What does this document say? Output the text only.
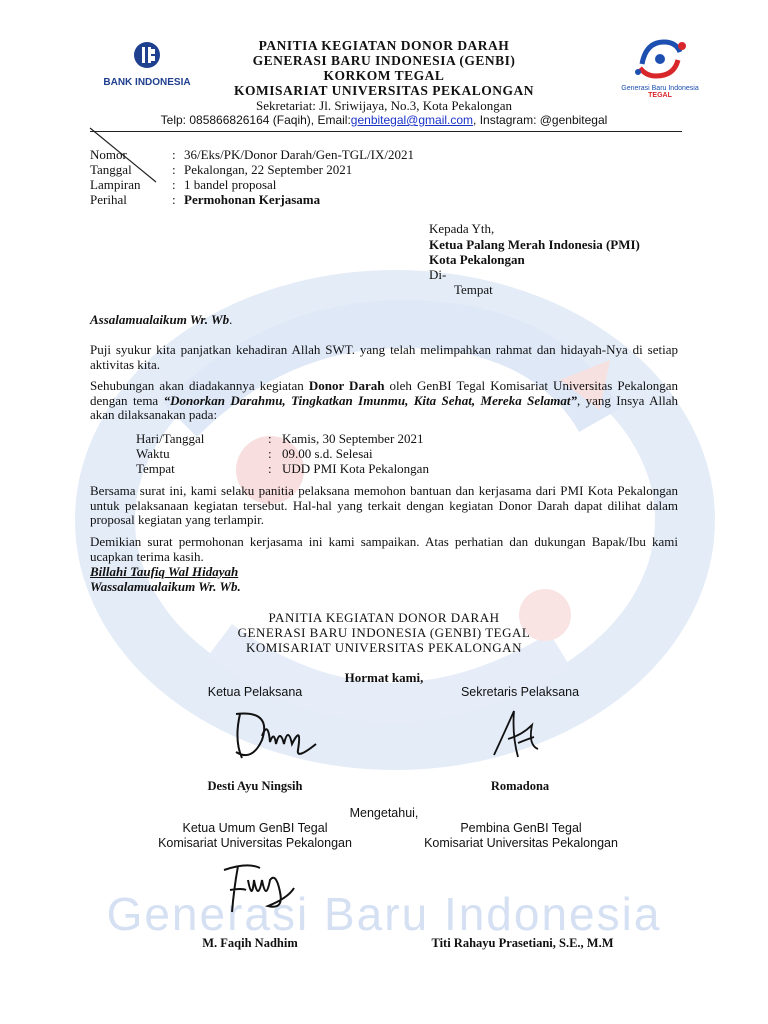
Generasi Baru Indonesia
BANK INDONESIA
Generasi Baru Indonesia
TEGAL
PANITIA KEGIATAN DONOR DARAH
GENERASI BARU INDONESIA (GENBI)
KORKOM TEGAL
KOMISARIAT UNIVERSITAS PEKALONGAN
Sekretariat: Jl. Sriwijaya, No.3, Kota Pekalongan
Telp: 085866826164 (Faqih), Email:genbitegal@gmail.com, Instagram: @genbitegal
Nomor	: 36/Eks/PK/Donor Darah/Gen-TGL/IX/2021
Tanggal	: Pekalongan, 22 September 2021
Lampiran : 1 bandel proposal
Perihal	: Permohonan Kerjasama
Kepada Yth,
Ketua Palang Merah Indonesia (PMI)
Kota Pekalongan
Di-
Tempat
Assalamualaikum Wr. Wb.
Puji syukur kita panjatkan kehadiran Allah SWT. yang telah melimpahkan rahmat dan hidayah-Nya di setiap aktivitas kita.
Sehubungan akan diadakannya kegiatan Donor Darah oleh GenBI Tegal Komisariat Universitas Pekalongan dengan tema “Donorkan Darahmu, Tingkatkan Imunmu, Kita Sehat, Mereka Selamat”, yang Insya Allah akan dilaksanakan pada:
Hari/Tanggal	: Kamis, 30 September 2021
Waktu	: 09.00 s.d. Selesai
Tempat	: UDD PMI Kota Pekalongan
Bersama surat ini, kami selaku panitia pelaksana memohon bantuan dan kerjasama dari PMI Kota Pekalongan untuk pelaksanaan kegiatan tersebut. Hal-hal yang terkait dengan kegiatan Donor Darah dapat dilihat dalam proposal kegiatan yang terlampir.
Demikian surat permohonan kerjasama ini kami sampaikan. Atas perhatian dan dukungan Bapak/Ibu kami ucapkan terima kasih.
Billahi Taufiq Wal Hidayah
Wassalamualaikum Wr. Wb.
PANITIA KEGIATAN DONOR DARAH
GENERASI BARU INDONESIA (GENBI) TEGAL
KOMISARIAT UNIVERSITAS PEKALONGAN
Hormat kami,
Ketua Pelaksana	Sekretaris Pelaksana
Desti Ayu Ningsih	Romadona
Mengetahui,
Ketua Umum GenBI Tegal
Komisariat Universitas Pekalongan
Pembina GenBI Tegal
Komisariat Universitas Pekalongan
M. Faqih Nadhim	Titi Rahayu Prasetiani, S.E., M.M
